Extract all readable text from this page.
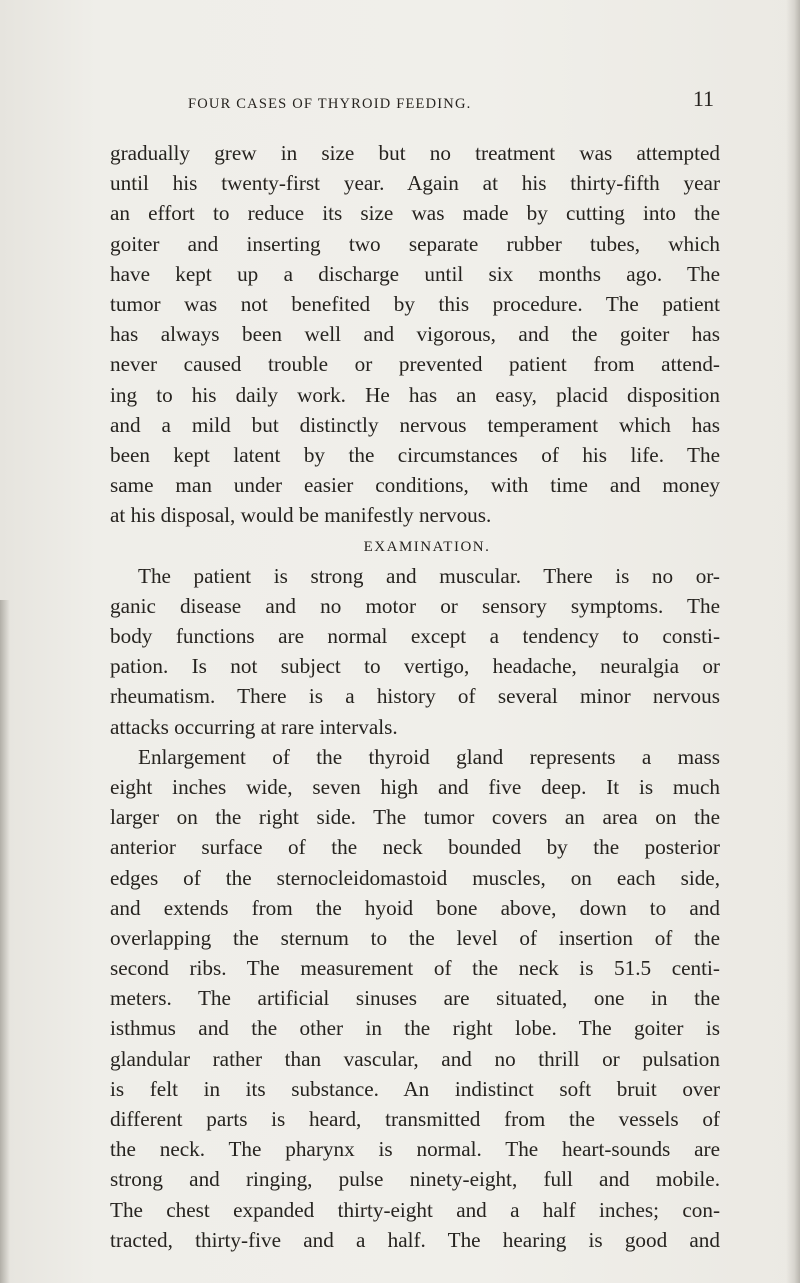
FOUR CASES OF THYROID FEEDING.	11
gradually grew in size but no treatment was attempted
until his twenty-first year. Again at his thirty-fifth year
an effort to reduce its size was made by cutting into the
goiter and inserting two separate rubber tubes, which
have kept up a discharge until six months ago. The
tumor was not benefited by this procedure. The patient
has always been well and vigorous, and the goiter has
never caused trouble or prevented patient from attend-
ing to his daily work. He has an easy, placid disposition
and a mild but distinctly nervous temperament which has
been kept latent by the circumstances of his life. The
same man under easier conditions, with time and money
at his disposal, would be manifestly nervous.
EXAMINATION.
The patient is strong and muscular. There is no or-
ganic disease and no motor or sensory symptoms. The
body functions are normal except a tendency to consti-
pation. Is not subject to vertigo, headache, neuralgia or
rheumatism. There is a history of several minor nervous
attacks occurring at rare intervals.
Enlargement of the thyroid gland represents a mass
eight inches wide, seven high and five deep. It is much
larger on the right side. The tumor covers an area on the
anterior surface of the neck bounded by the posterior
edges of the sternocleidomastoid muscles, on each side,
and extends from the hyoid bone above, down to and
overlapping the sternum to the level of insertion of the
second ribs. The measurement of the neck is 51.5 centi-
meters. The artificial sinuses are situated, one in the
isthmus and the other in the right lobe. The goiter is
glandular rather than vascular, and no thrill or pulsation
is felt in its substance. An indistinct soft bruit over
different parts is heard, transmitted from the vessels of
the neck. The pharynx is normal. The heart-sounds are
strong and ringing, pulse ninety-eight, full and mobile.
The chest expanded thirty-eight and a half inches; con-
tracted, thirty-five and a half. The hearing is good and
